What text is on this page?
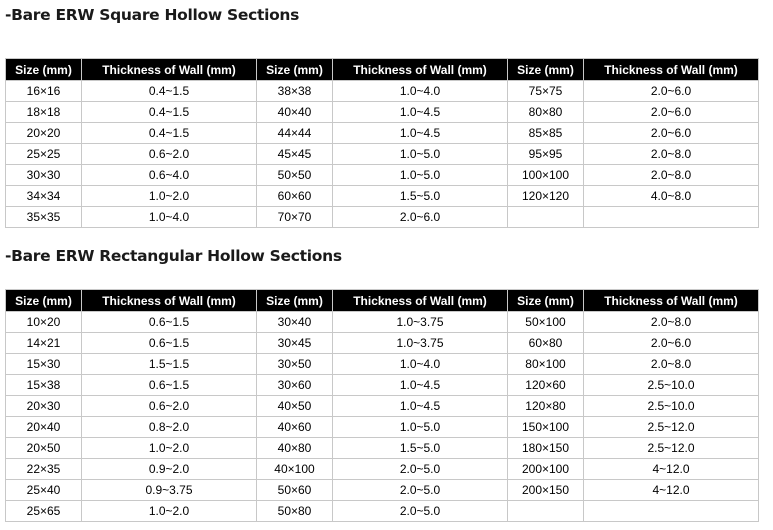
-Bare ERW Square Hollow Sections
Size (mm)	Thickness of Wall (mm)	Size (mm)	Thickness of Wall (mm)	Size (mm)	Thickness of Wall (mm)
16×16	0.4~1.5	38×38	1.0~4.0	75×75	2.0~6.0
18×18	0.4~1.5	40×40	1.0~4.5	80×80	2.0~6.0
20×20	0.4~1.5	44×44	1.0~4.5	85×85	2.0~6.0
25×25	0.6~2.0	45×45	1.0~5.0	95×95	2.0~8.0
30×30	0.6~4.0	50×50	1.0~5.0	100×100	2.0~8.0
34×34	1.0~2.0	60×60	1.5~5.0	120×120	4.0~8.0
35×35	1.0~4.0	70×70	2.0~6.0		
-Bare ERW Rectangular Hollow Sections
Size (mm)	Thickness of Wall (mm)	Size (mm)	Thickness of Wall (mm)	Size (mm)	Thickness of Wall (mm)
10×20	0.6~1.5	30×40	1.0~3.75	50×100	2.0~8.0
14×21	0.6~1.5	30×45	1.0~3.75	60×80	2.0~6.0
15×30	1.5~1.5	30×50	1.0~4.0	80×100	2.0~8.0
15×38	0.6~1.5	30×60	1.0~4.5	120×60	2.5~10.0
20×30	0.6~2.0	40×50	1.0~4.5	120×80	2.5~10.0
20×40	0.8~2.0	40×60	1.0~5.0	150×100	2.5~12.0
20×50	1.0~2.0	40×80	1.5~5.0	180×150	2.5~12.0
22×35	0.9~2.0	40×100	2.0~5.0	200×100	4~12.0
25×40	0.9~3.75	50×60	2.0~5.0	200×150	4~12.0
25×65	1.0~2.0	50×80	2.0~5.0		
